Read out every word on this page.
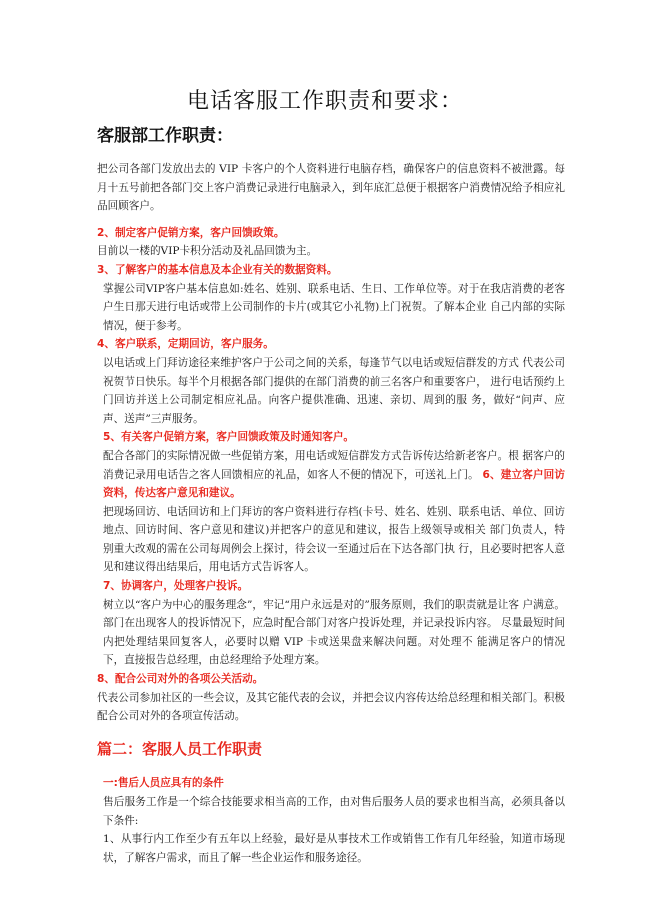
电话客服工作职责和要求：
客服部工作职责：

把公司各部门发放出去的 VIP 卡客户的个人资料进行电脑存档，确保客户的信息资料不被泄露。每月十五号前把各部门交上客户消费记录进行电脑录入，到年底汇总便于根据客户消费情况给予相应礼品回顾客户。

2、制定客户促销方案，客户回馈政策。

目前以一楼的VIP卡积分活动及礼品回馈为主。

3、了解客户的基本信息及本企业有关的数据资料。

掌握公司VIP客户基本信息如:姓名、姓别、联系电话、生日、工作单位等。对于在我店消费的老客户生日那天进行电话或带上公司制作的卡片(或其它小礼物)上门祝贺。了解本企业 自己内部的实际情况，便于参考。

4、客户联系，定期回访，客户服务。

以电话或上门拜访途径来维护客户于公司之间的关系，每逢节气以电话或短信群发的方式 代表公司祝贺节日快乐。每半个月根据各部门提供的在部门消费的前三名客户和重要客户， 进行电话预约上门回访并送上公司制定相应礼品。向客户提供准确、迅速、亲切、周到的服 务，做好“问声、应声、送声”三声服务。

5、有关客户促销方案，客户回馈政策及时通知客户。

配合各部门的实际情况做一些促销方案，用电话或短信群发方式告诉传达给新老客户。根 据客户的消费记录用电话告之客人回馈相应的礼品，如客人不便的情况下，可送礼上门。 6、建立客户回访资料，传达客户意见和建议。

把现场回访、电话回访和上门拜访的客户资料进行存档(卡号、姓名、姓别、联系电话、单位、回访地点、回访时间、客户意见和建议)并把客户的意见和建议，报告上级领导或相关 部门负责人，特别重大改观的需在公司每周例会上探讨，待会议一至通过后在下达各部门执 行，且必要时把客人意见和建议得出结果后，用电话方式告诉客人。

7、协调客户，处理客户投诉。

树立以“客户为中心的服务理念”，牢记“用户永远是对的”服务原则，我们的职责就是让客 户满意。部门在出现客人的投诉情况下，应急时配合部门对客户投诉处理，并记录投诉内容。 尽量最短时间内把处理结果回复客人，必要时以赠 VIP 卡或送果盘来解决问题。对处理不 能满足客户的情况下，直接报告总经理，由总经理给予处理方案。

8、配合公司对外的各项公关活动。

代表公司参加社区的一些会议，及其它能代表的会议，并把会议内容传达给总经理和相关部门。积极配合公司对外的各项宣传活动。

篇二：客服人员工作职责

一:售后人员应具有的条件

售后服务工作是一个综合技能要求相当高的工作，由对售后服务人员的要求也相当高，必须具备以下条件:

1、从事行内工作至少有五年以上经验，最好是从事技术工作或销售工作有几年经验，知道市场现状，了解客户需求，而且了解一些企业运作和服务途径。
